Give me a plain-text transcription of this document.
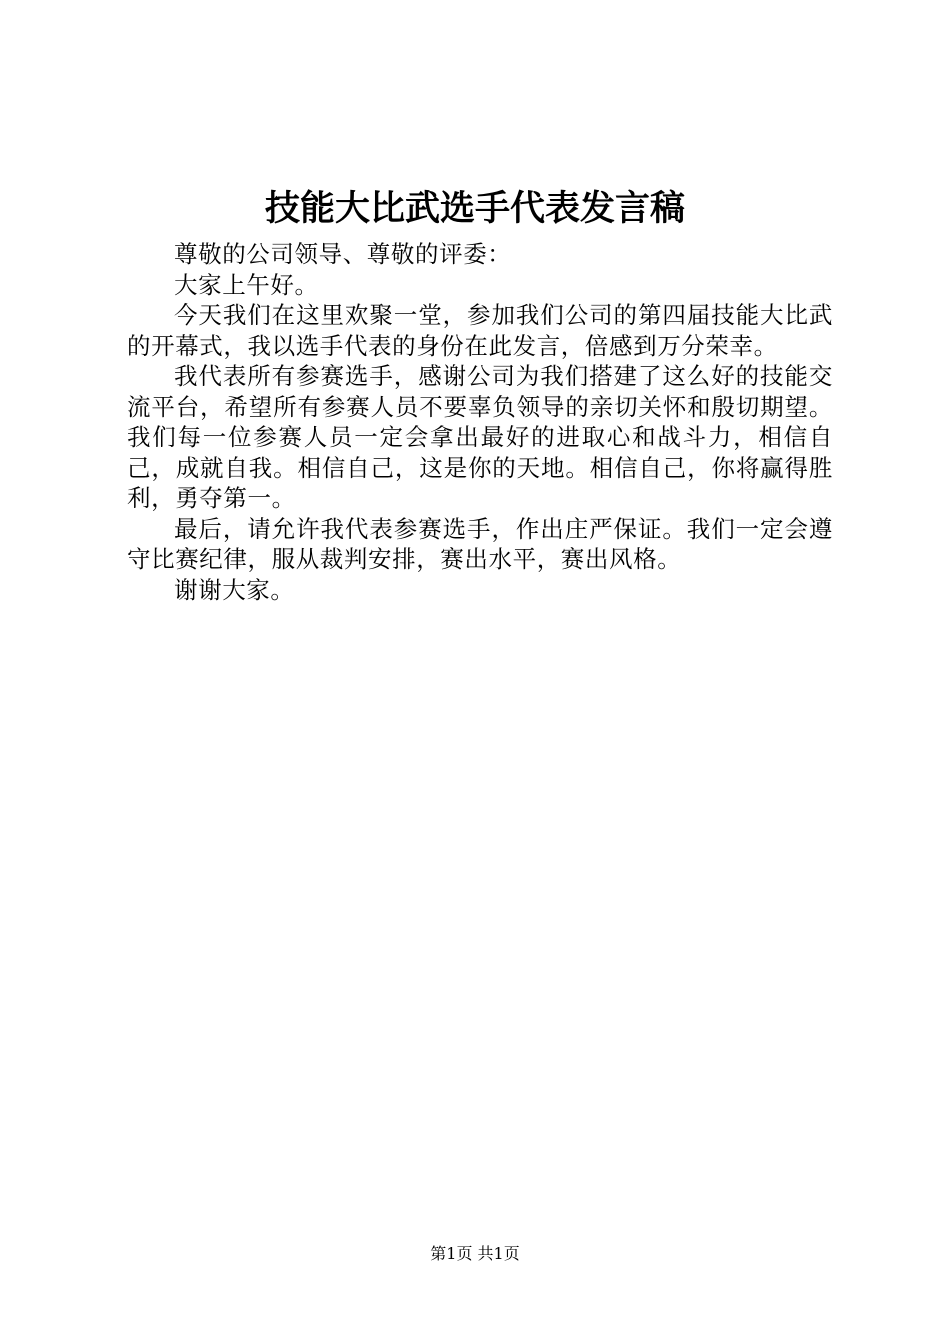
技能大比武选手代表发言稿

尊敬的公司领导、尊敬的评委：

大家上午好。

今天我们在这里欢聚一堂，参加我们公司的第四届技能大比武的开幕式，我以选手代表的身份在此发言，倍感到万分荣幸。

我代表所有参赛选手，感谢公司为我们搭建了这么好的技能交流平台，希望所有参赛人员不要辜负领导的亲切关怀和殷切期望。我们每一位参赛人员一定会拿出最好的进取心和战斗力，相信自己，成就自我。相信自己，这是你的天地。相信自己，你将赢得胜利，勇夺第一。

最后，请允许我代表参赛选手，作出庄严保证。我们一定会遵守比赛纪律，服从裁判安排，赛出水平，赛出风格。

谢谢大家。

第1页 共1页
